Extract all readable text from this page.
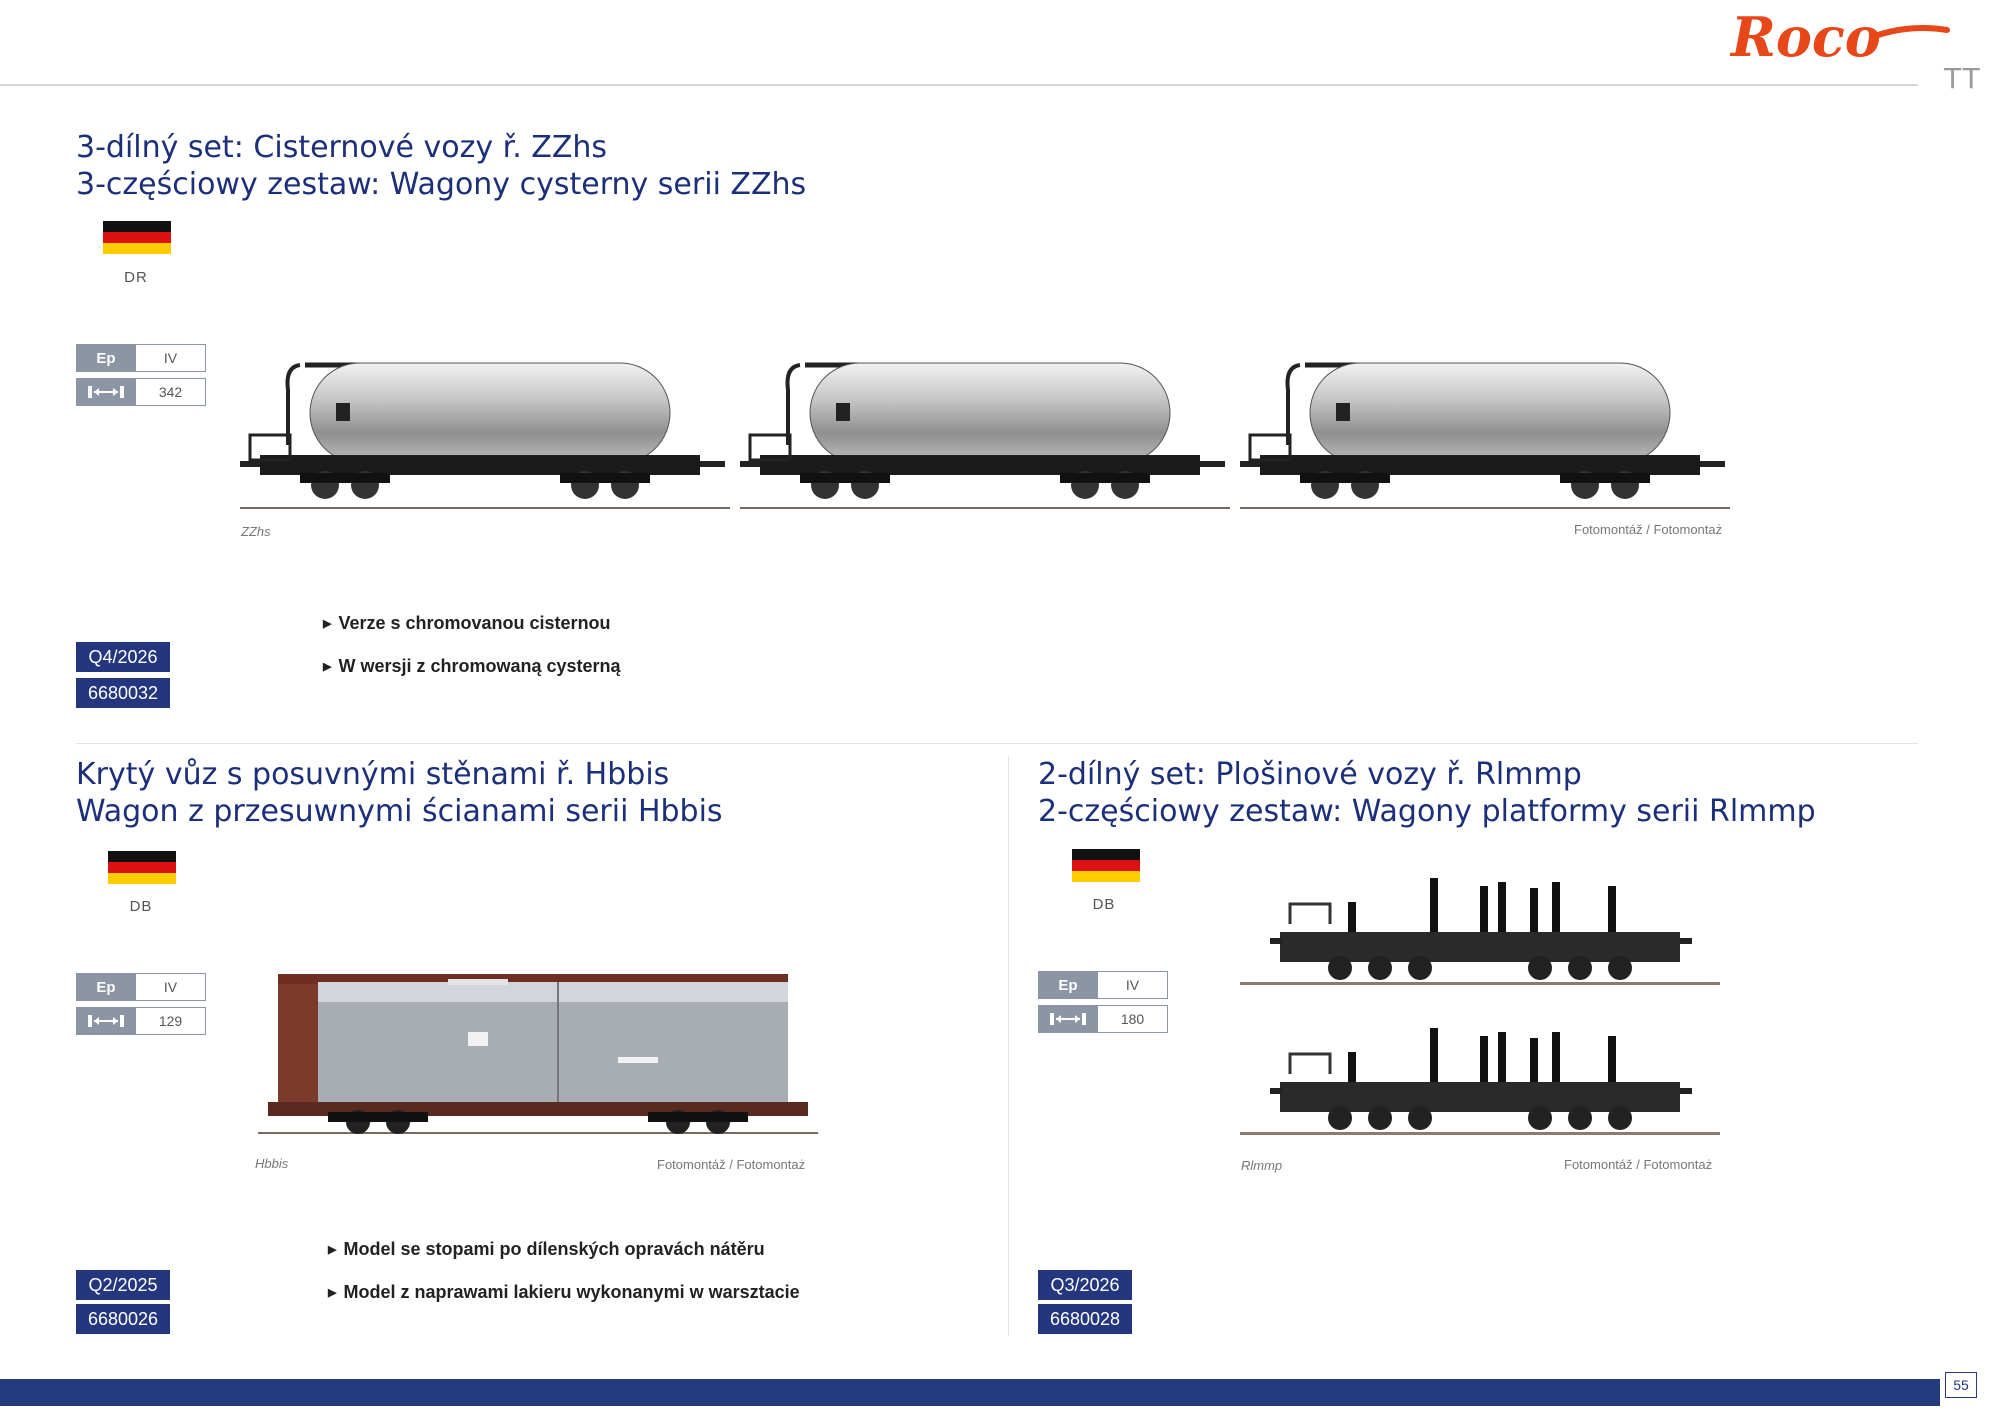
Roco
TT
3-dílný set: Cisternové vozy ř. ZZhs
3-częściowy zestaw: Wagony cysterny serii ZZhs
DR
Ep	IV
342
ZZhs	Fotomontáž / Fotomontaż
▶ Verze s chromovanou cisternou
▶ W wersji z chromowaną cysterną
Q4/2026
6680032
Krytý vůz s posuvnými stěnami ř. Hbbis
Wagon z przesuwnymi ścianami serii Hbbis
DB
Ep	IV
129
Hbbis	Fotomontáž / Fotomontaż
▶ Model se stopami po dílenských opravách nátěru
▶ Model z naprawami lakieru wykonanymi w warsztacie
Q2/2025
6680026
2-dílný set: Plošinové vozy ř. Rlmmp
2-częściowy zestaw: Wagony platformy serii Rlmmp
DB
Ep	IV
180
Rlmmp	Fotomontáž / Fotomontaż
Q3/2026
6680028
55
